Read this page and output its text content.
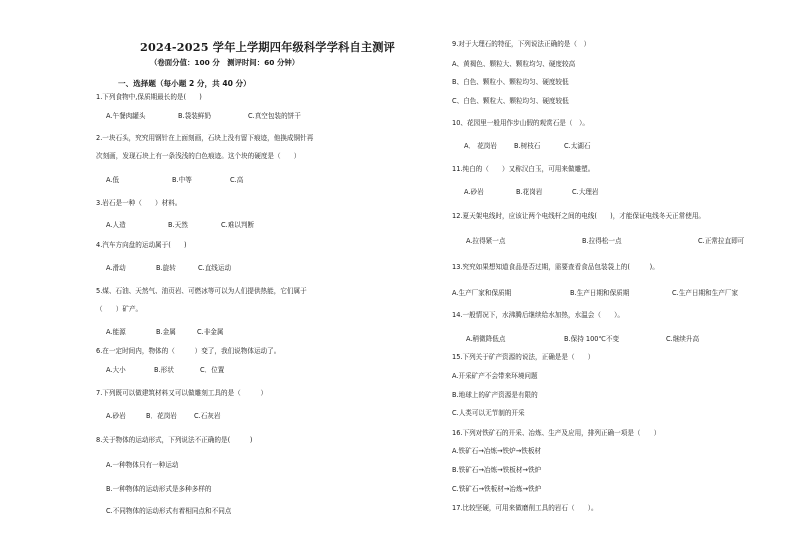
2024-2025 学年上学期四年级科学学科自主测评
（卷面分值：100 分　测评时间：60 分钟）
一、选择题（每小题 2 分，共 40 分）
1.下列食物中,保质期最长的是(　　)
A.午餐肉罐头	B.袋装鲜奶	C.真空包装的饼干
2.一块石头，究究用钢针在上面刻画，石块上没有留下痕迹，他换成铜针再
次刻画，发现石块上有一条浅浅的白色痕迹。这个块的硬度是（　　）
A.低	B.中等	C.高
3.岩石是一种（　　）材料。
A.人造	B.天然	C.难以判断
4.汽车方向盘的运动属于(　　)
A.滑动	B.旋转	C.直线运动
5.煤、石油、天然气、油页岩、可燃冰等可以为人们提供热能，它们属于
（　　）矿产。
A.能源	B.金属	C.非金属
6.在一定时间内，物体的（　　　）变了，我们说物体运动了。
A.大小	B.形状	C．位置
7.下列既可以做建筑材料又可以做雕刻工具的是（　　　）
A.砂岩	B．花岗岩	C.石灰岩
8.关于物体的运动形式，下列说法不正确的是(　　　)
A.一种物体只有一种运动
B.一种物体的运动形式是多种多样的
C.不同物体的运动形式有着相同点和不同点
9.对于大理石的特征，下列说法正确的是（　）
A、黄褐色、颗粒大、颗粒均匀、硬度较高
B、白色、颗粒小、颗粒均匀、硬度较低
C、白色、颗粒大、颗粒均匀、硬度较低
10、花园里一般用作步山假的观赏石是（　）。
A． 花岗岩	B.树枝石	C.太湖石
11.纯白的（　　）又称汉白玉，可用来做雕塑。
A.砂岩	B.花岗岩	C.大理岩
12.夏天架电线时，应该让两个电线杆之间的电线(　　)，才能保证电线冬天正常使用。
A.拉得紧一点	B.拉得松一点	C.正常拉直即可
13.究究如果想知道食品是否过期，需要查看食品包装袋上的(　　　)。
A.生产厂家和保质期	B.生产日期和保质期	C.生产日期和生产厂家
14.一般情况下，水沸腾后继续给水加热，水温会（　　）。
A.稍微降低点	B.保持 100℃不变	C.继续升高
15.下列关于矿产资源的说法，正确是是（　　）
A.开采矿产不会带来环境问题
B.地球上的矿产资源是有限的
C.人类可以无节制的开采
16.下列对铁矿石的开采、冶炼、生产及应用，排列正确一项是（　　）
A.铁矿石→冶炼→铁炉→铁板材
B.铁矿石→冶炼→铁板材→铁炉
C.铁矿石→铁板材→冶炼→铁炉
17.比较坚硬，可用来做磨削工具的岩石（　　）。
